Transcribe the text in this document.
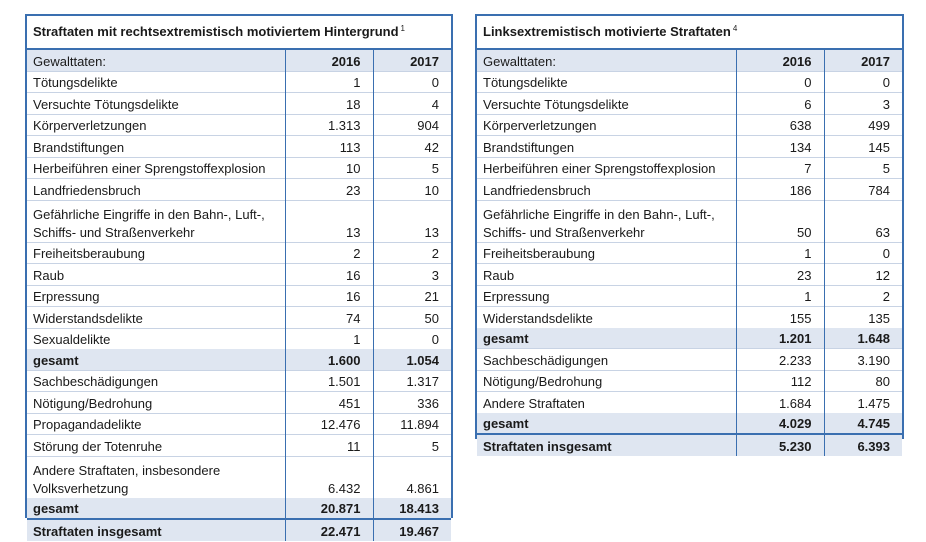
Straftaten mit rechtsextremistisch motiviertem Hintergrund $^1$
Gewalttaten:	2016	2017
Tötungsdelikte	1	0
Versuchte Tötungsdelikte	18	4
Körperverletzungen	1.313	904
Brandstiftungen	113	42
Herbeiführen einer Sprengstoffexplosion	10	5
Landfriedensbruch	23	10
Gefährliche Eingriffe in den Bahn-, Luft-, Schiffs- und Straßenverkehr	13	13
Freiheitsberaubung	2	2
Raub	16	3
Erpressung	16	21
Widerstandsdelikte	74	50
Sexualdelikte	1	0
gesamt	1.600	1.054
Sachbeschädigungen	1.501	1.317
Nötigung/Bedrohung	451	336
Propagandadelikte	12.476	11.894
Störung der Totenruhe	11	5
Andere Straftaten, insbesondere Volksverhetzung	6.432	4.861
gesamt	20.871	18.413
Straftaten insgesamt	22.471	19.467
Linksextremistisch motivierte Straftaten $^4$
Gewalttaten:	2016	2017
Tötungsdelikte	0	0
Versuchte Tötungsdelikte	6	3
Körperverletzungen	638	499
Brandstiftungen	134	145
Herbeiführen einer Sprengstoffexplosion	7	5
Landfriedensbruch	186	784
Gefährliche Eingriffe in den Bahn-, Luft-, Schiffs- und Straßenverkehr	50	63
Freiheitsberaubung	1	0
Raub	23	12
Erpressung	1	2
Widerstandsdelikte	155	135
gesamt	1.201	1.648
Sachbeschädigungen	2.233	3.190
Nötigung/Bedrohung	112	80
Andere Straftaten	1.684	1.475
gesamt	4.029	4.745
Straftaten insgesamt	5.230	6.393
